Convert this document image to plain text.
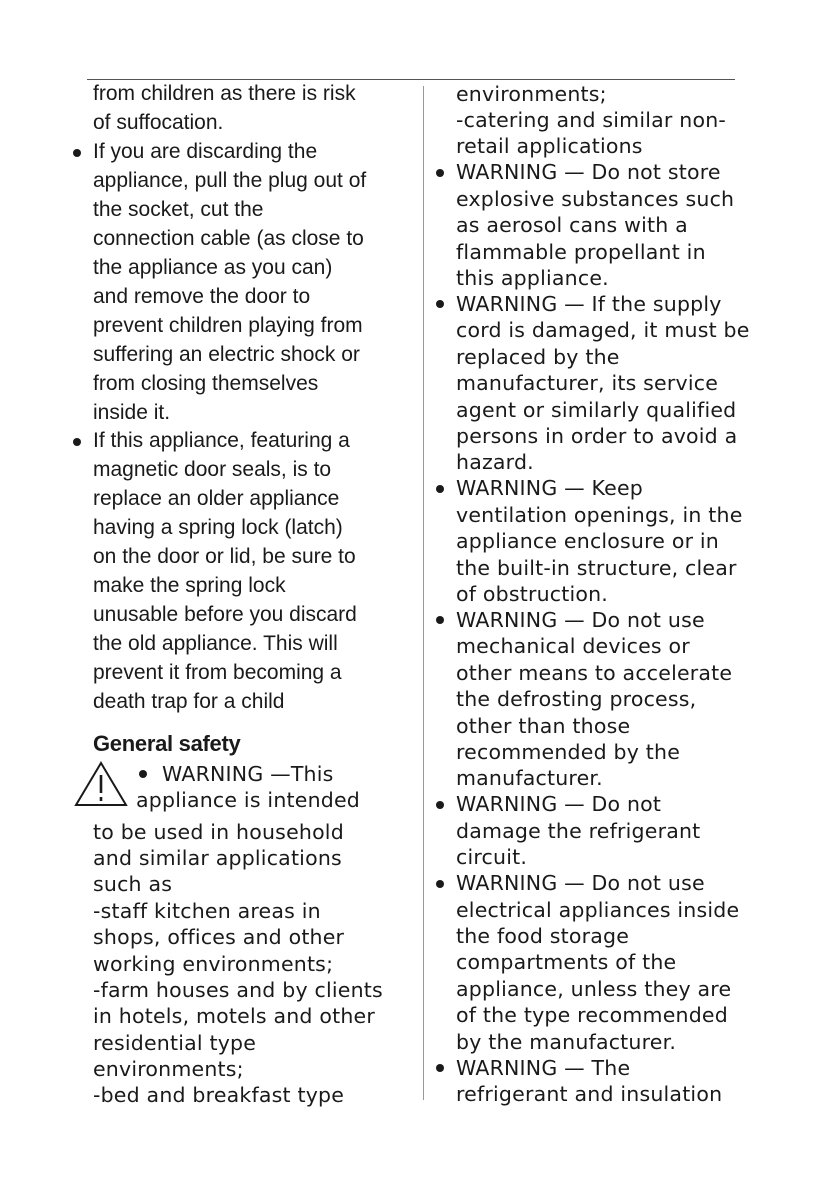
from children as there is risk
of suffocation.
If you are discarding the
appliance, pull the plug out of
the socket, cut the
connection cable (as close to
the appliance as you can)
and remove the door to
prevent children playing from
suffering an electric shock or
from closing themselves
inside it.
If this appliance, featuring a
magnetic door seals, is to
replace an older appliance
having a spring lock (latch)
on the door or lid, be sure to
make the spring lock
unusable before you discard
the old appliance. This will
prevent it from becoming a
death trap for a child
General safety
WARNING —This
appliance is intended
to be used in household
and similar applications
such as
-staff kitchen areas in
shops, offices and other
working environments;
-farm houses and by clients
in hotels, motels and other
residential type
environments;
-bed and breakfast type
environments;
-catering and similar non-
retail applications
WARNING — Do not store
explosive substances such
as aerosol cans with a
flammable propellant in
this appliance.
WARNING — If the supply
cord is damaged, it must be
replaced by the
manufacturer, its service
agent or similarly qualified
persons in order to avoid a
hazard.
WARNING — Keep
ventilation openings, in the
appliance enclosure or in
the built-in structure, clear
of obstruction.
WARNING — Do not use
mechanical devices or
other means to accelerate
the defrosting process,
other than those
recommended by the
manufacturer.
WARNING — Do not
damage the refrigerant
circuit.
WARNING — Do not use
electrical appliances inside
the food storage
compartments of the
appliance, unless they are
of the type recommended
by the manufacturer.
WARNING — The
refrigerant and insulation
